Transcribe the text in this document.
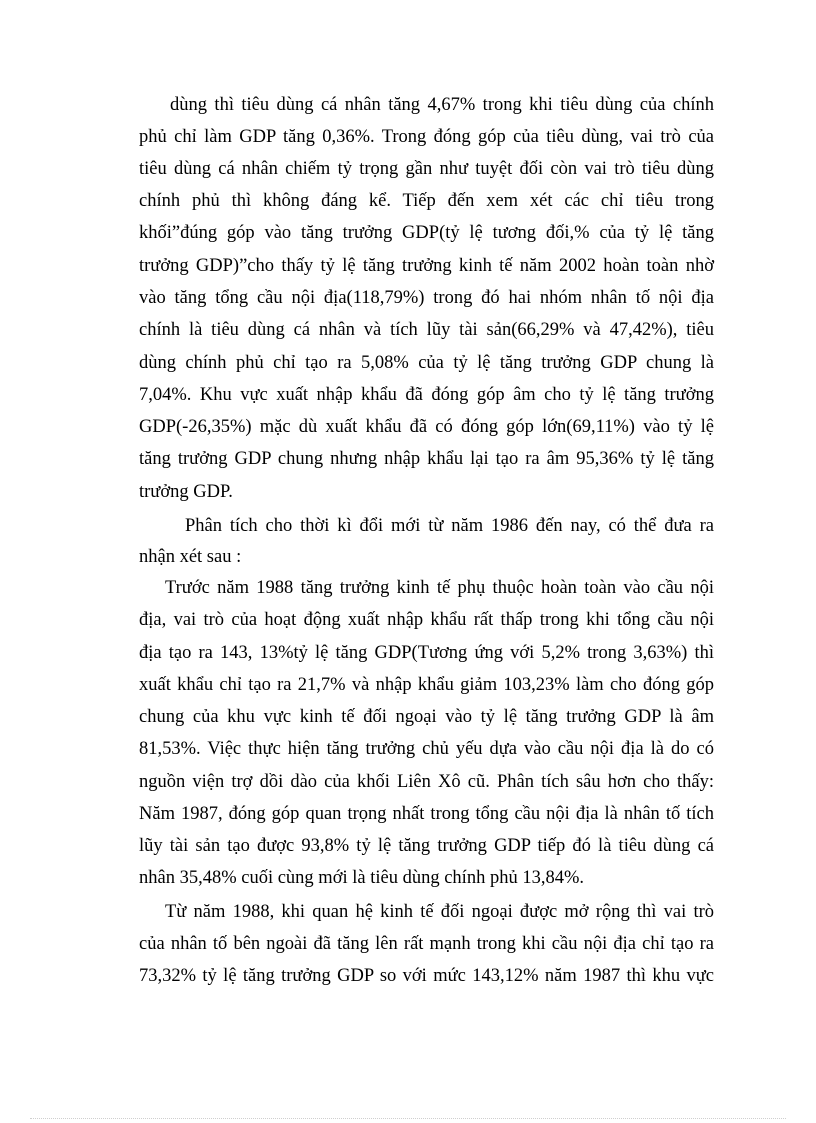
dùng thì tiêu dùng cá nhân tăng 4,67% trong khi tiêu dùng của chính
phủ chỉ làm GDP tăng 0,36%. Trong đóng góp của tiêu dùng, vai trò của
tiêu dùng cá nhân chiếm tỷ trọng gần như tuyệt đối còn vai trò tiêu dùng
chính phủ thì không đáng kể. Tiếp đến xem xét các chỉ tiêu trong
khối”đúng góp vào tăng trưởng GDP(tỷ lệ tương đối,% của tỷ lệ tăng
trưởng GDP)”cho thấy tỷ lệ tăng trưởng kinh tế năm 2002 hoàn toàn nhờ
vào tăng tổng cầu nội địa(118,79%) trong đó hai nhóm nhân tố nội địa
chính là tiêu dùng cá nhân và tích lũy tài sản(66,29% và 47,42%), tiêu
dùng chính phủ chỉ tạo ra 5,08% của tỷ lệ tăng trưởng GDP chung là
7,04%. Khu vực xuất nhập khẩu đã đóng góp âm cho tỷ lệ tăng trưởng
GDP(-26,35%) mặc dù xuất khẩu đã có đóng góp lớn(69,11%) vào tỷ lệ
tăng trưởng GDP chung nhưng nhập khẩu lại tạo ra âm 95,36% tỷ lệ tăng
trưởng GDP.
Phân tích cho thời kì đổi mới từ năm 1986 đến nay, có thể đưa ra
nhận xét sau :
Trước năm 1988 tăng trưởng kinh tế phụ thuộc hoàn toàn vào cầu nội
địa, vai trò của hoạt động xuất nhập khẩu rất thấp trong khi tổng cầu nội
địa tạo ra 143, 13%tỷ lệ tăng GDP(Tương ứng với 5,2% trong 3,63%) thì
xuất khẩu chỉ tạo ra 21,7% và nhập khẩu giảm 103,23% làm cho đóng góp
chung của khu vực kinh tế đối ngoại vào tỷ lệ tăng trưởng GDP là âm
81,53%. Việc thực hiện tăng trưởng chủ yếu dựa vào cầu nội địa là do có
nguồn viện trợ dồi dào của khối Liên Xô cũ. Phân tích sâu hơn cho thấy:
Năm 1987, đóng góp quan trọng nhất trong tổng cầu nội địa là nhân tố tích
lũy tài sản tạo được 93,8% tỷ lệ tăng trưởng GDP tiếp đó là tiêu dùng cá
nhân 35,48% cuối cùng mới là tiêu dùng chính phủ 13,84%.
Từ năm 1988, khi quan hệ kinh tế đối ngoại được mở rộng thì vai trò
của nhân tố bên ngoài đã tăng lên rất mạnh trong khi cầu nội địa chỉ tạo ra
73,32% tỷ lệ tăng trưởng GDP so với mức 143,12% năm 1987 thì khu vực
